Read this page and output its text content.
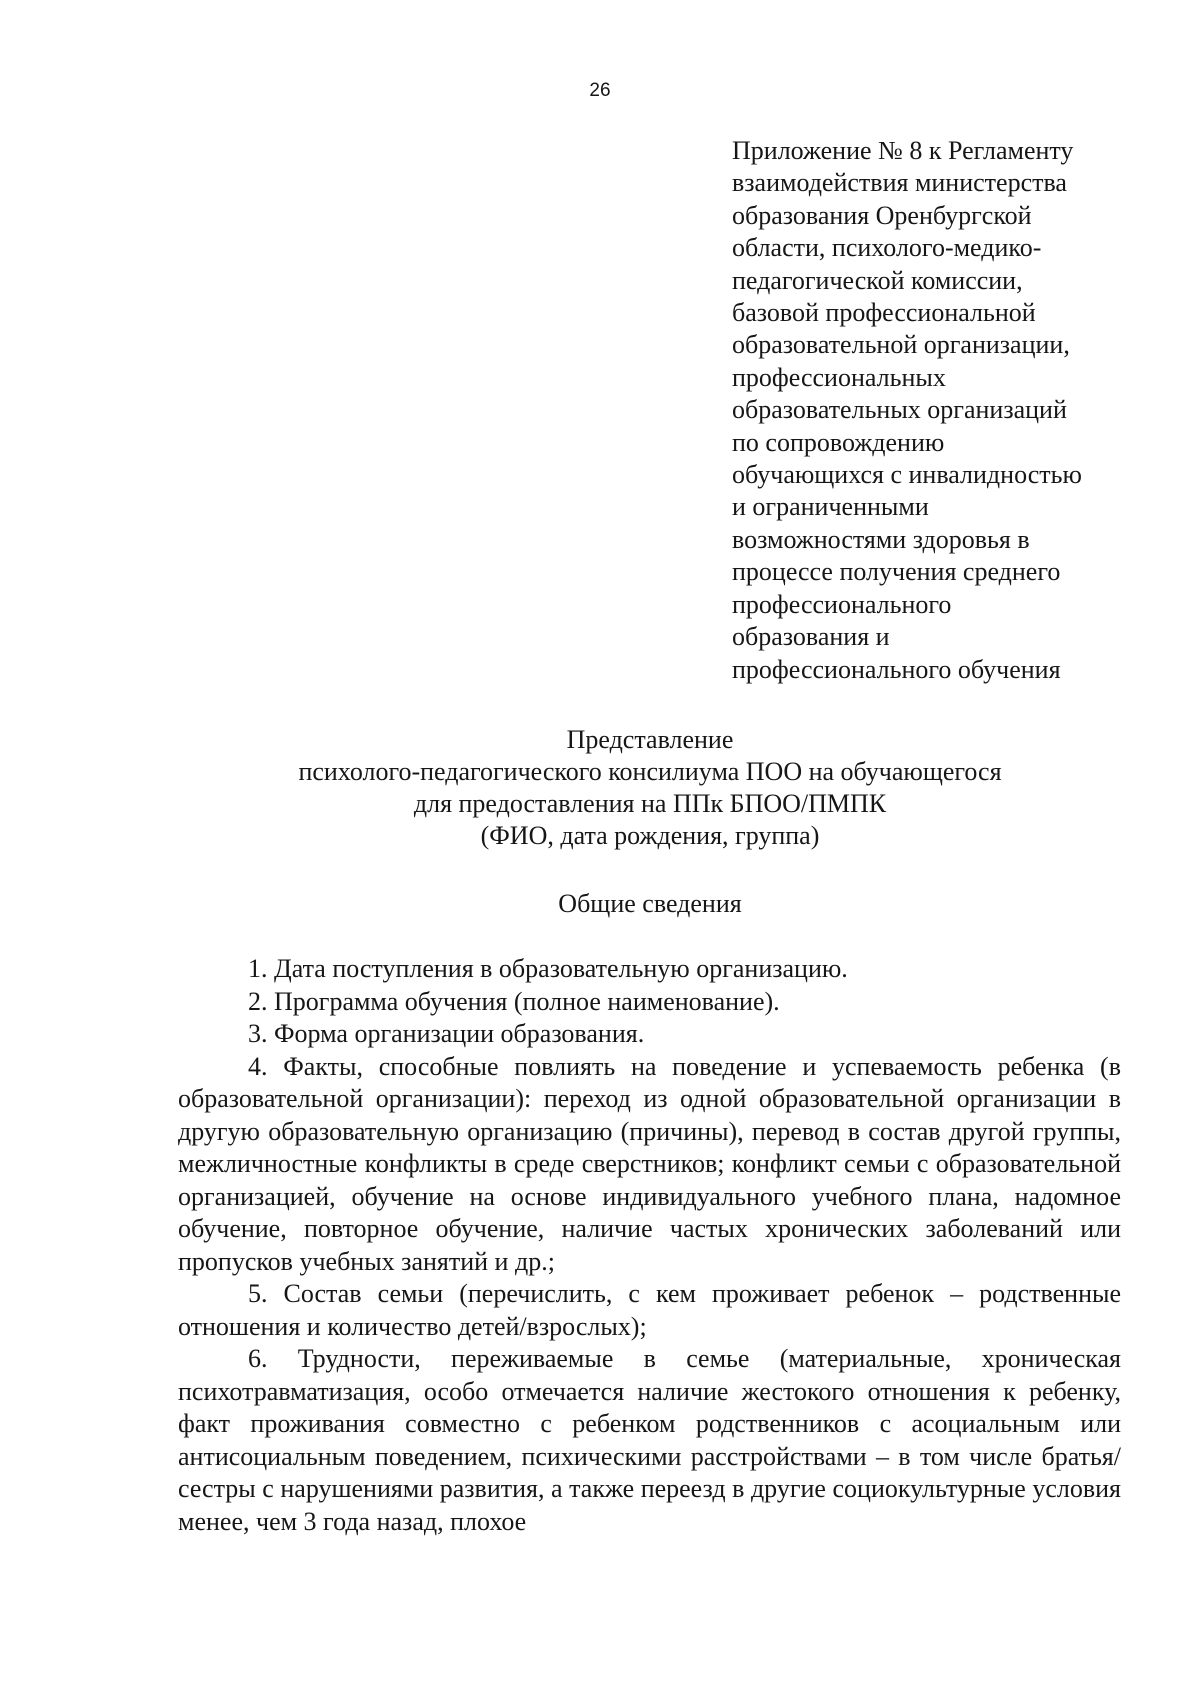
26
Приложение № 8 к Регламенту
взаимодействия министерства
образования Оренбургской
области, психолого-медико-
педагогической комиссии,
базовой профессиональной
образовательной организации,
профессиональных
образовательных организаций
по сопровождению
обучающихся с инвалидностью
и ограниченными
возможностями здоровья в
процессе получения среднего
профессионального
образования и
профессионального обучения
Представление
психолого-педагогического консилиума ПОО на обучающегося
для предоставления на ППк БПОО/ПМПК
(ФИО, дата рождения, группа)
Общие сведения

1. Дата поступления в образовательную организацию.

2. Программа обучения (полное наименование).

3. Форма организации образования.

4. Факты, способные повлиять на поведение и успеваемость ребенка (в образовательной организации): переход из одной образовательной организации в другую образовательную организацию (причины), перевод в состав другой группы, межличностные конфликты в среде сверстников; конфликт семьи с образовательной организацией, обучение на основе индивидуального учебного плана, надомное обучение, повторное обучение, наличие частых хронических заболеваний или пропусков учебных занятий и др.;

5. Состав семьи (перечислить, с кем проживает ребенок – родственные отношения и количество детей/взрослых);

6. Трудности, переживаемые в семье (материальные, хроническая психотравматизация, особо отмечается наличие жестокого отношения к ребенку, факт проживания совместно с ребенком родственников с асоциальным или антисоциальным поведением, психическими расстройствами – в том числе братья/сестры с нарушениями развития, а также переезд в другие социокультурные условия менее, чем 3 года назад, плохое
